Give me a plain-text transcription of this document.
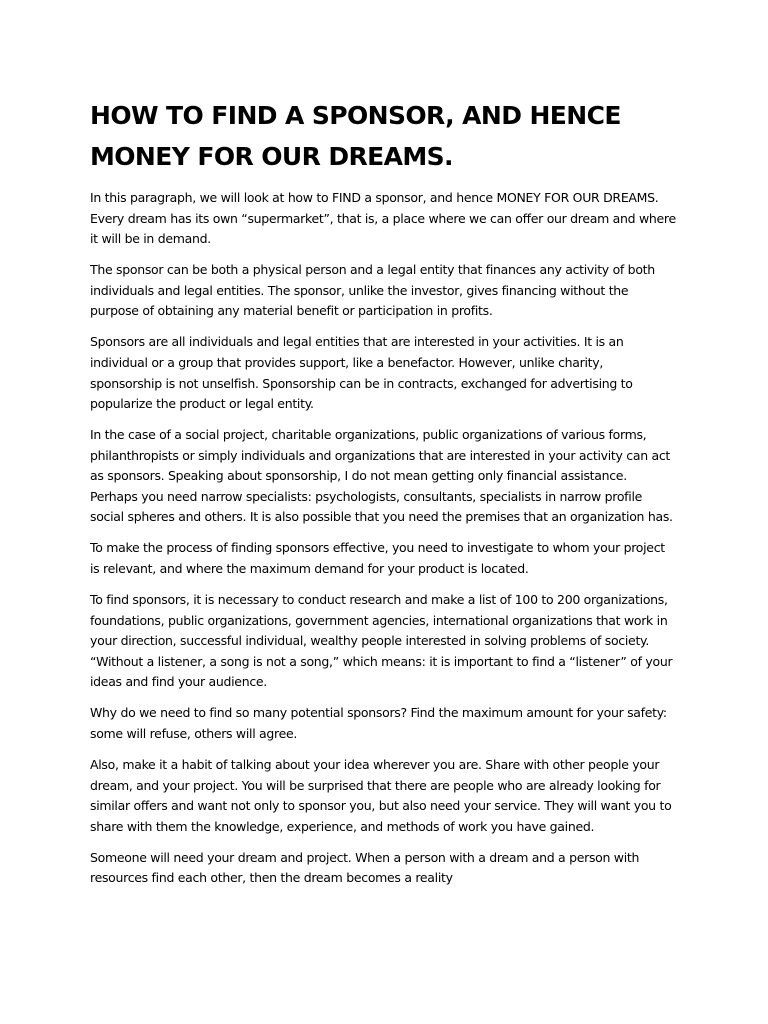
HOW TO FIND A SPONSOR, AND HENCE MONEY FOR OUR DREAMS.

In this paragraph, we will look at how to FIND a sponsor, and hence MONEY FOR OUR DREAMS. Every dream has its own “supermarket”, that is, a place where we can offer our dream and where it will be in demand.

The sponsor can be both a physical person and a legal entity that finances any activity of both individuals and legal entities. The sponsor, unlike the investor, gives financing without the purpose of obtaining any material benefit or participation in profits.

Sponsors are all individuals and legal entities that are interested in your activities. It is an individual or a group that provides support, like a benefactor. However, unlike charity, sponsorship is not unselfish. Sponsorship can be in contracts, exchanged for advertising to popularize the product or legal entity.

In the case of a social project, charitable organizations, public organizations of various forms, philanthropists or simply individuals and organizations that are interested in your activity can act as sponsors. Speaking about sponsorship, I do not mean getting only financial assistance. Perhaps you need narrow specialists: psychologists, consultants, specialists in narrow profile social spheres and others. It is also possible that you need the premises that an organization has.

To make the process of finding sponsors effective, you need to investigate to whom your project is relevant, and where the maximum demand for your product is located.

To find sponsors, it is necessary to conduct research and make a list of 100 to 200 organizations, foundations, public organizations, government agencies, international organizations that work in your direction, successful individual, wealthy people interested in solving problems of society. “Without a listener, a song is not a song,” which means: it is important to find a “listener” of your ideas and find your audience.

Why do we need to find so many potential sponsors? Find the maximum amount for your safety: some will refuse, others will agree.

Also, make it a habit of talking about your idea wherever you are. Share with other people your dream, and your project. You will be surprised that there are people who are already looking for similar offers and want not only to sponsor you, but also need your service. They will want you to share with them the knowledge, experience, and methods of work you have gained.

Someone will need your dream and project. When a person with a dream and a person with resources find each other, then the dream becomes a reality
